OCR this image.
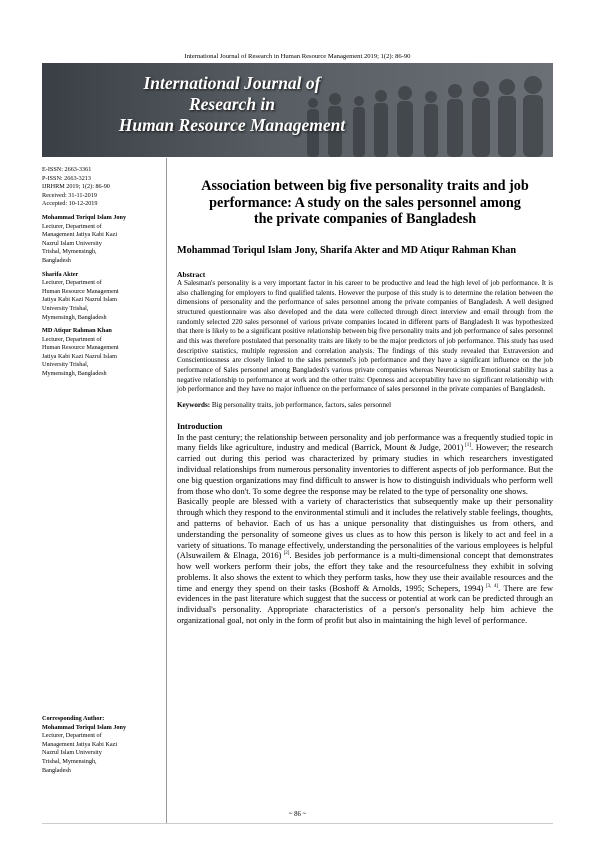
International Journal of Research in Human Resource Management 2019; 1(2): 86-90
International Journal of
Research in
Human Resource Management
E-ISSN: 2663-3361
P-ISSN: 2663-3213
IJRHRM 2019; 1(2): 86-90
Received: 31-11-2019
Accepted: 10-12-2019
Mohammad Toriqul Islam Jony
Lecturer, Department of
Management Jatiya Kabi Kazi
Nazrul Islam University
Trishal, Mymensingh,
Bangladesh
Sharifa Akter
Lecturer, Department of
Human Resource Management
Jatiya Kabi Kazi Nazrul Islam
University Trishal,
Mymensingh, Bangladesh
MD Atiqur Rahman Khan
Lecturer, Department of
Human Resource Management
Jatiya Kabi Kazi Nazrul Islam
University Trishal,
Mymensingh, Bangladesh
Corresponding Author:
Mohammad Toriqul Islam Jony
Lecturer, Department of
Management Jatiya Kabi Kazi
Nazrul Islam University
Trishal, Mymensingh,
Bangladesh
Association between big five personality traits and job
performance: A study on the sales personnel among
the private companies of Bangladesh
Mohammad Toriqul Islam Jony, Sharifa Akter and MD Atiqur Rahman Khan
Abstract
A Salesman's personality is a very important factor in his career to be productive and lead the high level of job performance. It is also challenging for employers to find qualified talents. However the purpose of this study is to determine the relation between the dimensions of personality and the performance of sales personnel among the private companies of Bangladesh. A well designed structured questionnaire was also developed and the data were collected through direct interview and email through from the randomly selected 220 sales personnel of various private companies located in different parts of Bangladesh It was hypothesized that there is likely to be a significant positive relationship between big five personality traits and job performance of sales personnel and this was therefore postulated that personality traits are likely to be the major predictors of job performance. This study has used descriptive statistics, multiple regression and correlation analysis. The findings of this study revealed that Extraversion and Conscientiousness are closely linked to the sales personnel's job performance and they have a significant influence on the job performance of Sales personnel among Bangladesh's various private companies whereas Neuroticism or Emotional stability has a negative relationship to performance at work and the other traits: Openness and acceptability have no significant relationship with job performance and they have no major influence on the performance of sales personnel in the private companies of Bangladesh.
Keywords: Big personality traits, job performance, factors, sales personnel
Introduction

In the past century; the relationship between personality and job performance was a frequently studied topic in many fields like agriculture, industry and medical (Barrick, Mount & Judge, 2001) [1]. However; the research carried out during this period was characterized by primary studies in which researchers investigated individual relationships from numerous personality inventories to different aspects of job performance. But the one big question organizations may find difficult to answer is how to distinguish individuals who perform well from those who don't. To some degree the response may be related to the type of personality one shows.

Basically people are blessed with a variety of characteristics that subsequently make up their personality through which they respond to the environmental stimuli and it includes the relatively stable feelings, thoughts, and patterns of behavior. Each of us has a unique personality that distinguishes us from others, and understanding the personality of someone gives us clues as to how this person is likely to act and feel in a variety of situations. To manage effectively, understanding the personalities of the various employees is helpful (Alsuwailem & Elnaga, 2016) [2]. Besides job performance is a multi-dimensional concept that demonstrates how well workers perform their jobs, the effort they take and the resourcefulness they exhibit in solving problems. It also shows the extent to which they perform tasks, how they use their available resources and the time and energy they spend on their tasks (Boshoff & Arnolds, 1995; Schepers, 1994) [3, 4]. There are few evidences in the past literature which suggest that the success or potential at work can be predicted through an individual's personality. Appropriate characteristics of a person's personality help him achieve the organizational goal, not only in the form of profit but also in maintaining the high level of performance.

~ 86 ~
